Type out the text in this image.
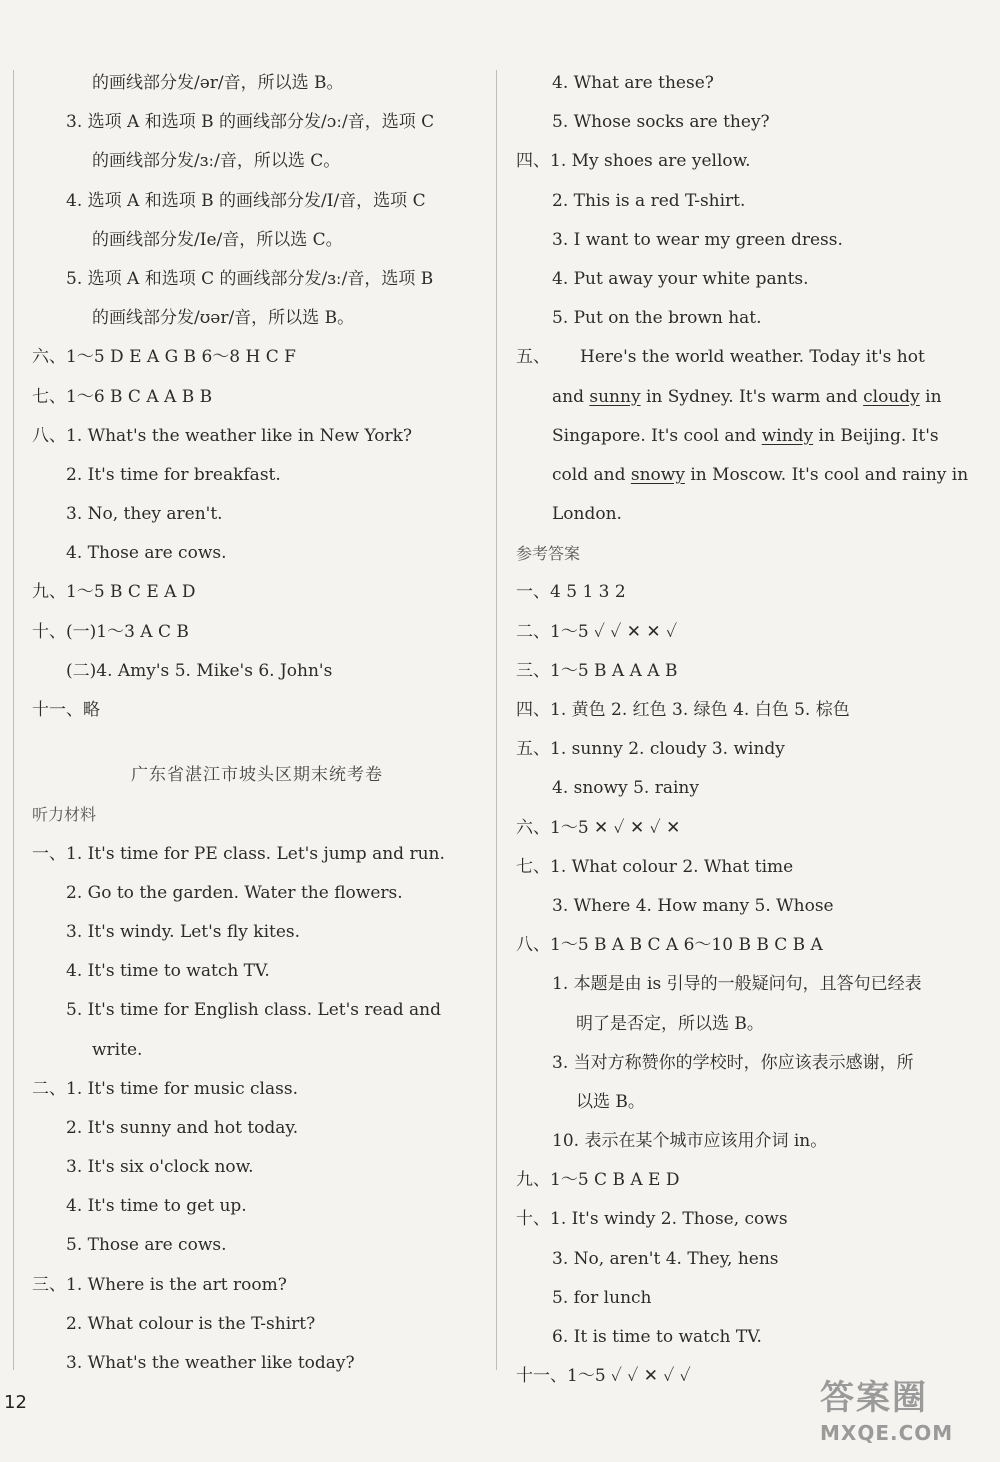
的画线部分发/ər/音，所以选 B。
3. 选项 A 和选项 B 的画线部分发/ɔː/音，选项 C
的画线部分发/ɜː/音，所以选 C。
4. 选项 A 和选项 B 的画线部分发/I/音，选项 C
的画线部分发/Ie/音，所以选 C。
5. 选项 A 和选项 C 的画线部分发/ɜː/音，选项 B
的画线部分发/ʊər/音，所以选 B。
六、1～5 D E A G B 6～8 H C F
七、1～6 B C A A B B
八、1. What's the weather like in New York?
2. It's time for breakfast.
3. No, they aren't.
4. Those are cows.
九、1～5 B C E A D
十、(一)1～3 A C B
(二)4. Amy's 5. Mike's 6. John's
十一、略
广东省湛江市坡头区期末统考卷
听力材料
一、1. It's time for PE class. Let's jump and run.
2. Go to the garden. Water the flowers.
3. It's windy. Let's fly kites.
4. It's time to watch TV.
5. It's time for English class. Let's read and
write.
二、1. It's time for music class.
2. It's sunny and hot today.
3. It's six o'clock now.
4. It's time to get up.
5. Those are cows.
三、1. Where is the art room?
2. What colour is the T-shirt?
3. What's the weather like today?
4. What are these?
5. Whose socks are they?
四、1. My shoes are yellow.
2. This is a red T-shirt.
3. I want to wear my green dress.
4. Put away your white pants.
5. Put on the brown hat.
五、 Here's the world weather. Today it's hot
and sunny in Sydney. It's warm and cloudy in
Singapore. It's cool and windy in Beijing. It's
cold and snowy in Moscow. It's cool and rainy in
London.
参考答案
一、4 5 1 3 2
二、1～5 ✓ ✓ ✕ ✕ ✓
三、1～5 B A A A B
四、1. 黄色 2. 红色 3. 绿色 4. 白色 5. 棕色
五、1. sunny 2. cloudy 3. windy
4. snowy 5. rainy
六、1～5 ✕ ✓ ✕ ✓ ✕
七、1. What colour 2. What time
3. Where 4. How many 5. Whose
八、1～5 B A B C A 6～10 B B C B A
1. 本题是由 is 引导的一般疑问句，且答句已经表
明了是否定，所以选 B。
3. 当对方称赞你的学校时，你应该表示感谢，所
以选 B。
10. 表示在某个城市应该用介词 in。
九、1～5 C B A E D
十、1. It's windy 2. Those, cows
3. No, aren't 4. They, hens
5. for lunch
6. It is time to watch TV.
十一、1～5 ✓ ✓ ✕ ✓ ✓
12	答案圈
MXQE.COM
